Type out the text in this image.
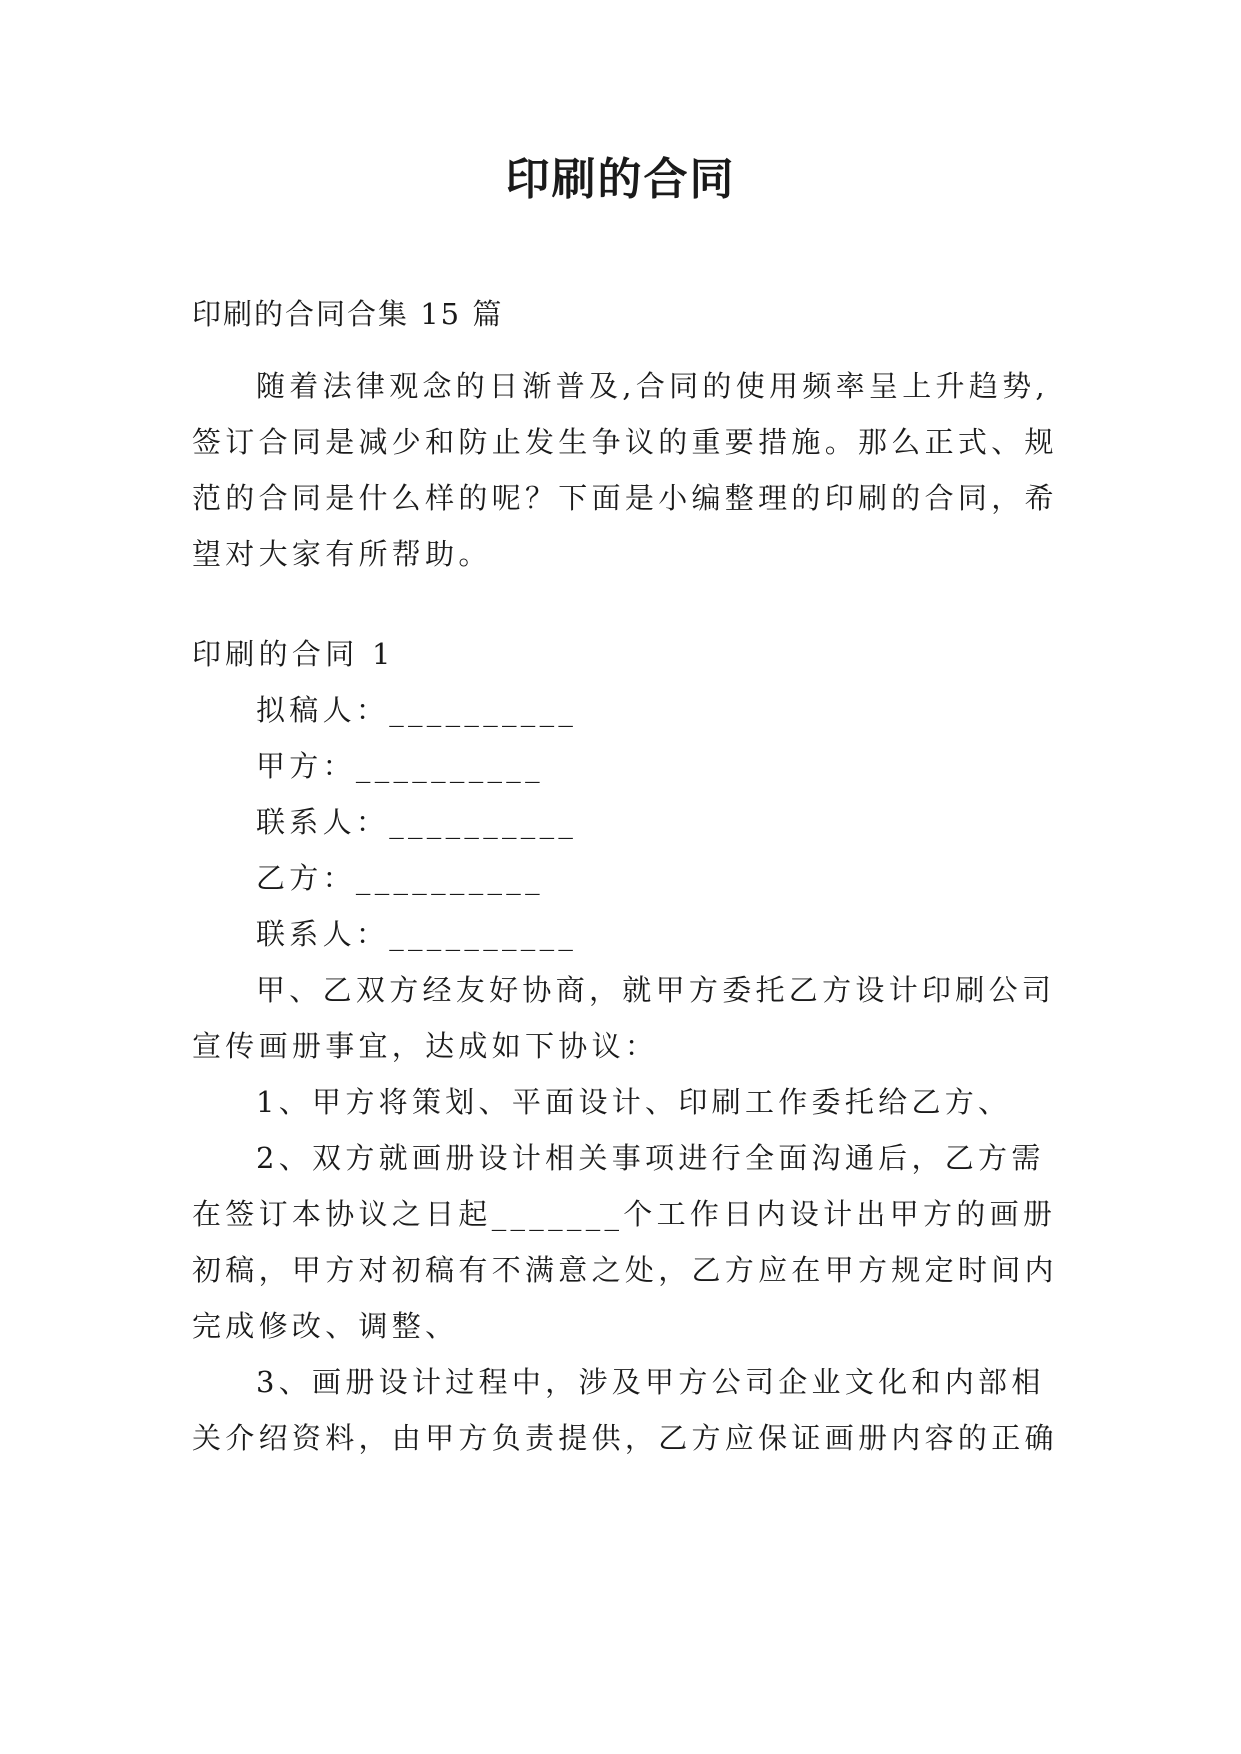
印刷的合同
印刷的合同合集 15 篇
随着法律观念的日渐普及,合同的使用频率呈上升趋势,
签订合同是减少和防止发生争议的重要措施。那么正式、规
范的合同是什么样的呢？下面是小编整理的印刷的合同，希
望对大家有所帮助。
印刷的合同 1
拟稿人：__________
甲方：__________
联系人：__________
乙方：__________
联系人：__________
甲、乙双方经友好协商，就甲方委托乙方设计印刷公司
宣传画册事宜，达成如下协议：
1、甲方将策划、平面设计、印刷工作委托给乙方、
2、双方就画册设计相关事项进行全面沟通后，乙方需
在签订本协议之日起_______个工作日内设计出甲方的画册
初稿，甲方对初稿有不满意之处，乙方应在甲方规定时间内
完成修改、调整、
3、画册设计过程中，涉及甲方公司企业文化和内部相
关介绍资料，由甲方负责提供，乙方应保证画册内容的正确
